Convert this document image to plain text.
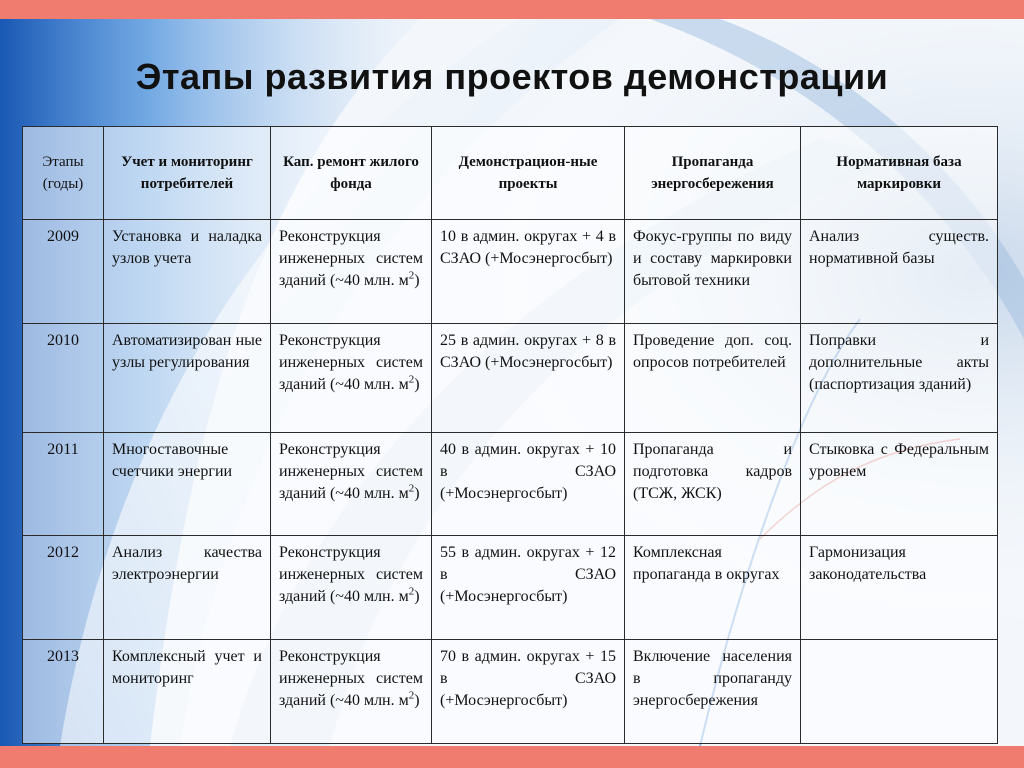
Этапы развития проектов демонстрации
Этапы (годы)	Учет и мониторинг потребителей	Кап. ремонт жилого фонда	Демонстрацион-ные проекты	Пропаганда энергосбережения	Нормативная база маркировки
2009	Установка и наладка узлов учета	Реконструкция инженерных систем зданий (~40 млн. $м^2$)	10 в админ. округах + 4 в СЗАО (+Мосэнергосбыт)	Фокус-группы по виду и составу маркировки бытовой техники	Анализ существ. нормативной базы
2010	Автоматизирован ные узлы регулирования	Реконструкция инженерных систем зданий (~40 млн. $м^2$)	25 в админ. округах + 8 в СЗАО (+Мосэнергосбыт)	Проведение доп. соц. опросов потребителей	Поправки и дополнительные акты (паспортизация зданий)
2011	Многоставочные счетчики энергии	Реконструкция инженерных систем зданий (~40 млн. $м^2$)	40 в админ. округах + 10 в СЗАО (+Мосэнергосбыт)	Пропаганда и подготовка кадров (ТСЖ, ЖСК)	Стыковка с Федеральным уровнем
2012	Анализ качества электроэнергии	Реконструкция инженерных систем зданий (~40 млн. $м^2$)	55 в админ. округах + 12 в СЗАО (+Мосэнергосбыт)	Комплексная пропаганда в округах	Гармонизация законодательства
2013	Комплексный учет и мониторинг	Реконструкция инженерных систем зданий (~40 млн. $м^2$)	70 в админ. округах + 15 в СЗАО (+Мосэнергосбыт)	Включение населения в пропаганду энергосбережения	
